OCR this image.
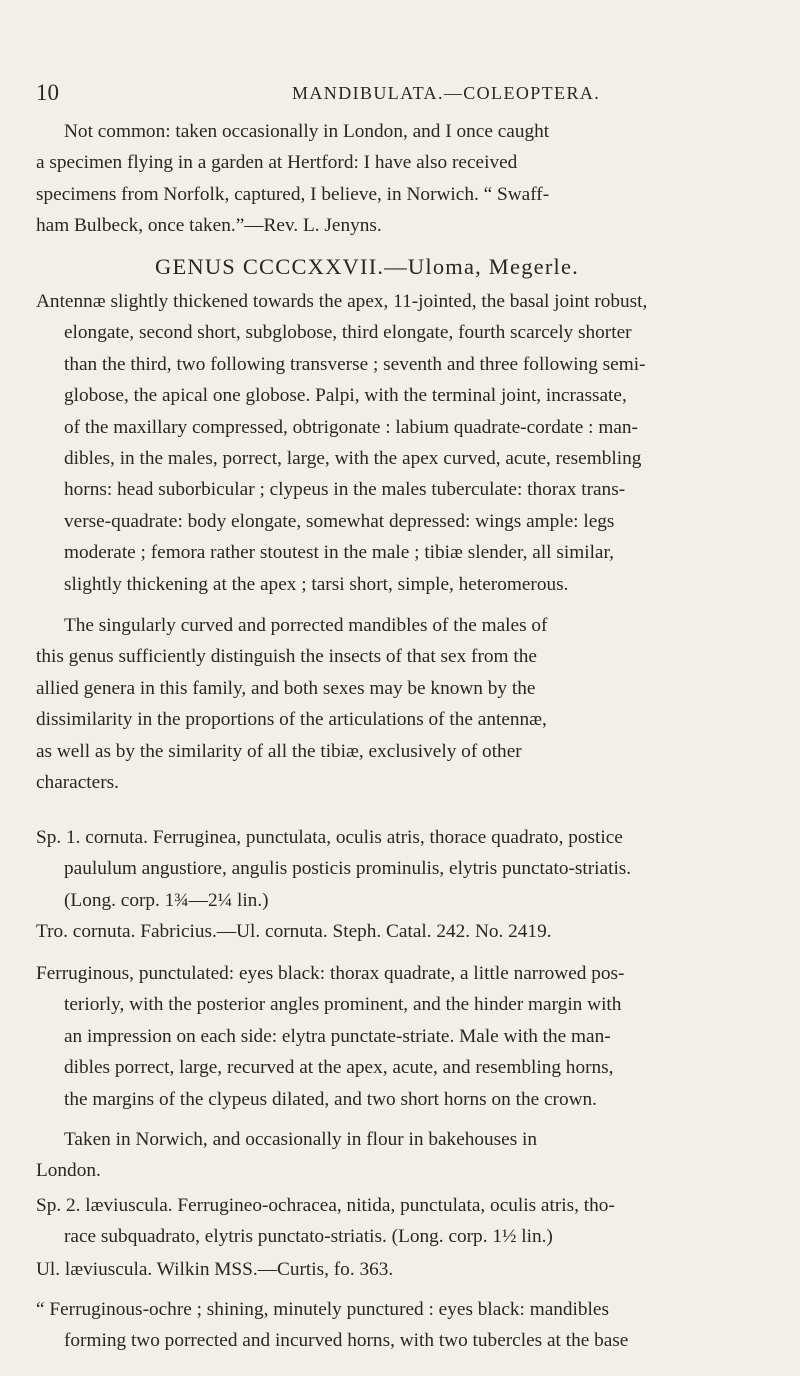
10	MANDIBULATA.—COLEOPTERA.
Not common: taken occasionally in London, and I once caught
a specimen flying in a garden at Hertford: I have also received
specimens from Norfolk, captured, I believe, in Norwich. “ Swaff-
ham Bulbeck, once taken.”—Rev. L. Jenyns.
GENUS CCCCXXVII.—Uloma, Megerle.
Antennæ slightly thickened towards the apex, 11-jointed, the basal joint robust,
elongate, second short, subglobose, third elongate, fourth scarcely shorter
than the third, two following transverse ; seventh and three following semi-
globose, the apical one globose. Palpi, with the terminal joint, incrassate,
of the maxillary compressed, obtrigonate : labium quadrate-cordate : man-
dibles, in the males, porrect, large, with the apex curved, acute, resembling
horns: head suborbicular ; clypeus in the males tuberculate: thorax trans-
verse-quadrate: body elongate, somewhat depressed: wings ample: legs
moderate ; femora rather stoutest in the male ; tibiæ slender, all similar,
slightly thickening at the apex ; tarsi short, simple, heteromerous.
The singularly curved and porrected mandibles of the males of
this genus sufficiently distinguish the insects of that sex from the
allied genera in this family, and both sexes may be known by the
dissimilarity in the proportions of the articulations of the antennæ,
as well as by the similarity of all the tibiæ, exclusively of other
characters.
Sp. 1. cornuta. Ferruginea, punctulata, oculis atris, thorace quadrato, postice
paululum angustiore, angulis posticis prominulis, elytris punctato-striatis.
(Long. corp. 1¾—2¼ lin.)
Tro. cornuta. Fabricius.—Ul. cornuta. Steph. Catal. 242. No. 2419.
Ferruginous, punctulated: eyes black: thorax quadrate, a little narrowed pos-
teriorly, with the posterior angles prominent, and the hinder margin with
an impression on each side: elytra punctate-striate. Male with the man-
dibles porrect, large, recurved at the apex, acute, and resembling horns,
the margins of the clypeus dilated, and two short horns on the crown.
Taken in Norwich, and occasionally in flour in bakehouses in
London.
Sp. 2. læviuscula. Ferrugineo-ochracea, nitida, punctulata, oculis atris, tho-
race subquadrato, elytris punctato-striatis. (Long. corp. 1½ lin.)
Ul. læviuscula. Wilkin MSS.—Curtis, fo. 363.
“ Ferruginous-ochre ; shining, minutely punctured : eyes black: mandibles
forming two porrected and incurved horns, with two tubercles at the base
